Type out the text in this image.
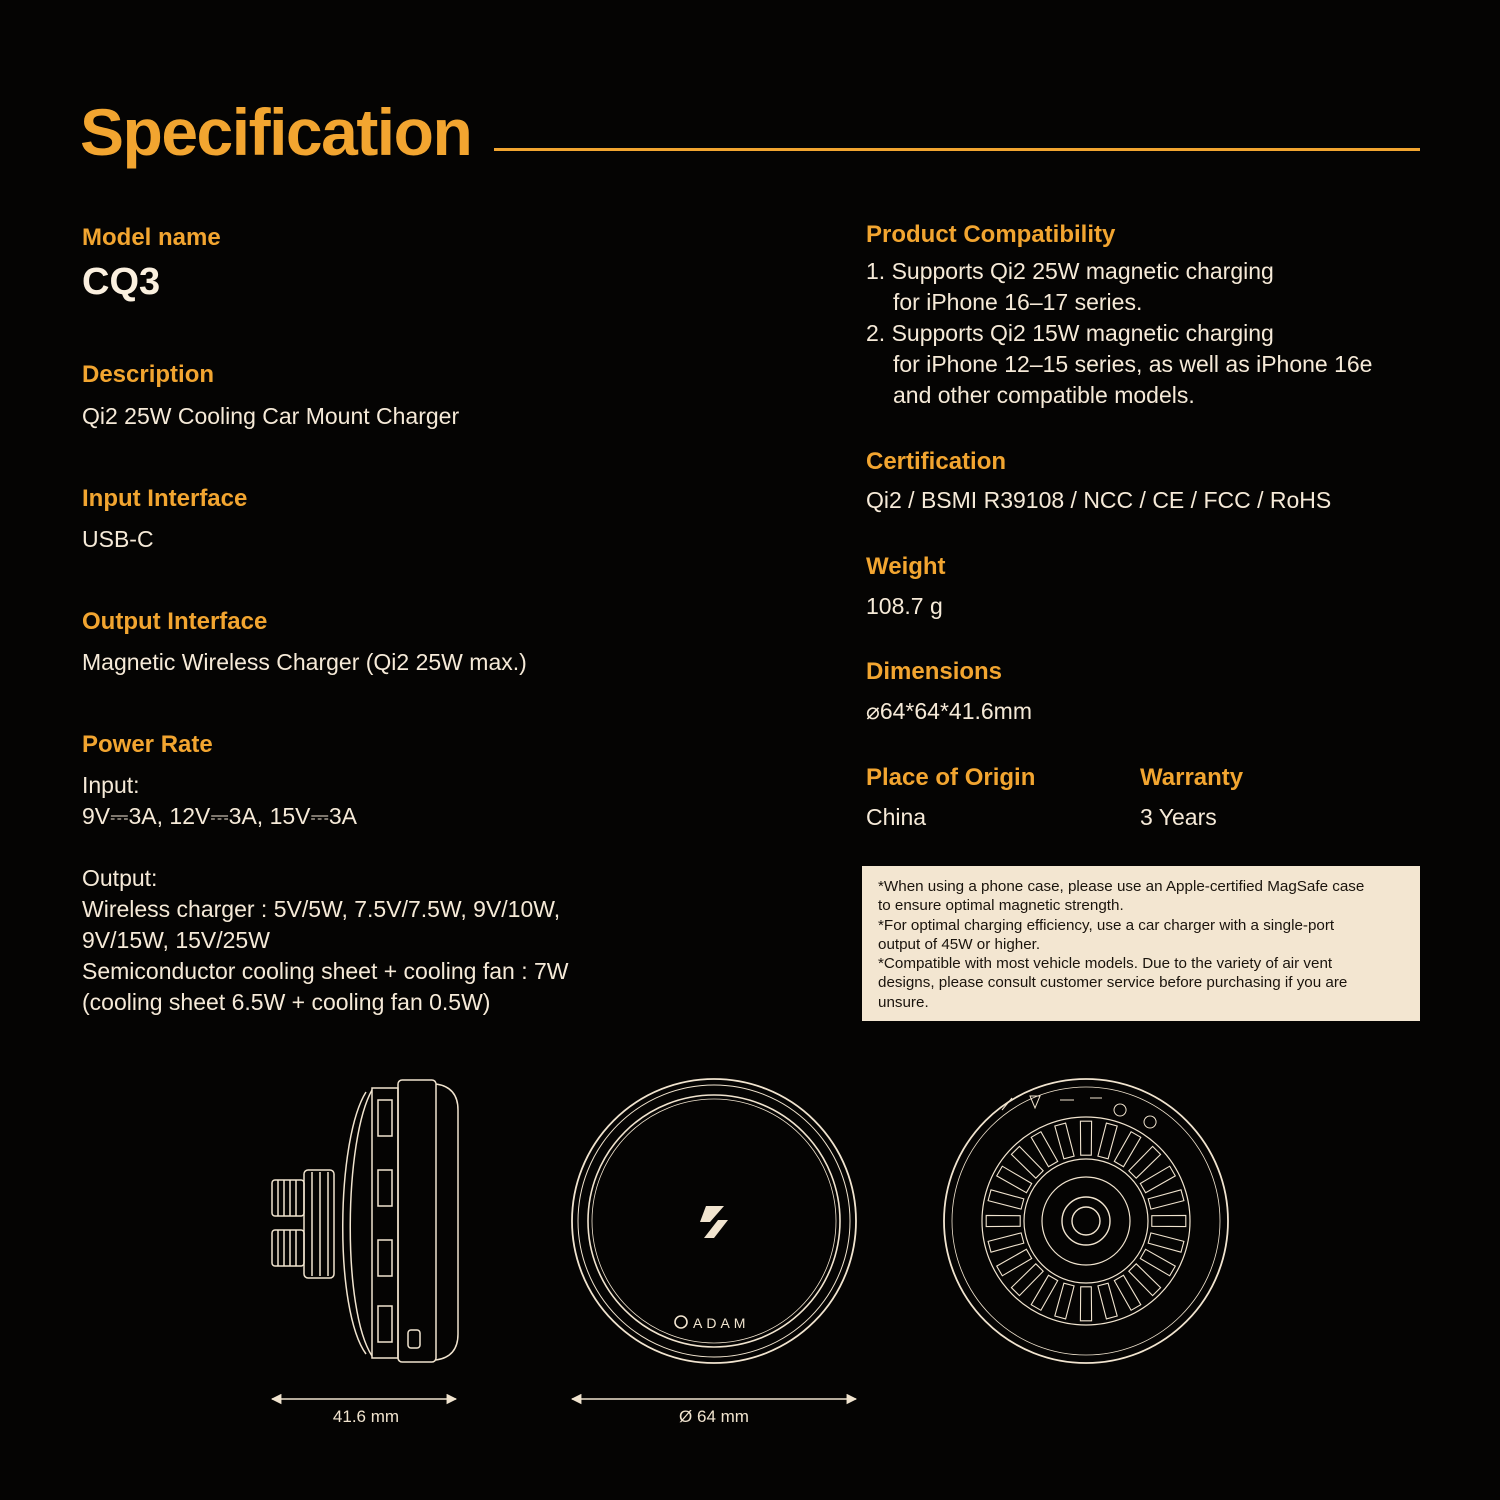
Specification
Model name
CQ3
Description
Qi2 25W Cooling Car Mount Charger
Input Interface
USB-C
Output Interface
Magnetic Wireless Charger (Qi2 25W max.)
Power Rate
Input:
9V⎓3A, 12V⎓3A, 15V⎓3A
Output:
Wireless charger : 5V/5W, 7.5V/7.5W, 9V/10W,
9V/15W, 15V/25W
Semiconductor cooling sheet + cooling fan : 7W
(cooling sheet 6.5W + cooling fan 0.5W)
Product Compatibility
1. Supports Qi2 25W magnetic charging
for iPhone 16–17 series.
2. Supports Qi2 15W magnetic charging
for iPhone 12–15 series, as well as iPhone 16e
and other compatible models.
Certification
Qi2 / BSMI R39108 / NCC / CE / FCC / RoHS
Weight
108.7 g
Dimensions
⌀64*64*41.6mm
Place of Origin
China
Warranty
3 Years
*When using a phone case, please use an Apple-certified MagSafe case
to ensure optimal magnetic strength.
*For optimal charging efficiency, use a car charger with a single-port
output of 45W or higher.
*Compatible with most vehicle models. Due to the variety of air vent
designs, please consult customer service before purchasing if you are
unsure.
ADAM
41.6 mm	Ø 64 mm
